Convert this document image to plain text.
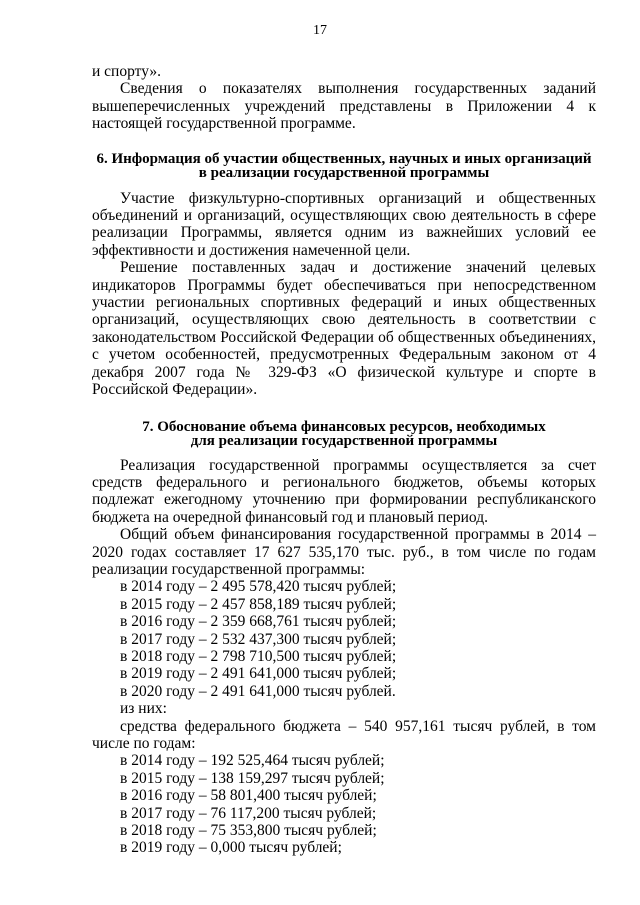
17

и спорту».

Сведения о показателях выполнения государственных заданий вышеперечисленных учреждений представлены в Приложении 4 к настоящей государственной программе.

6. Информация об участии общественных, научных и иных организаций
в реализации государственной программы

Участие физкультурно-спортивных организаций и общественных объединений и организаций, осуществляющих свою деятельность в сфере реализации Программы, является одним из важнейших условий ее эффективности и достижения намеченной цели.

Решение поставленных задач и достижение значений целевых индикаторов Программы будет обеспечиваться при непосредственном участии региональных спортивных федераций и иных общественных организаций, осуществляющих свою деятельность в соответствии с законодательством Российской Федерации об общественных объединениях, с учетом особенностей, предусмотренных Федеральным законом от 4 декабря 2007 года № 329-ФЗ «О физической культуре и спорте в Российской Федерации».

7. Обоснование объема финансовых ресурсов, необходимых
для реализации государственной программы

Реализация государственной программы осуществляется за счет средств федерального и регионального бюджетов, объемы которых подлежат ежегодному уточнению при формировании республиканского бюджета на очередной финансовый год и плановый период.

Общий объем финансирования государственной программы в 2014 – 2020 годах составляет 17 627 535,170 тыс. руб., в том числе по годам реализации государственной программы:

в 2014 году – 2 495 578,420 тысяч рублей;
в 2015 году – 2 457 858,189 тысяч рублей;
в 2016 году – 2 359 668,761 тысяч рублей;
в 2017 году – 2 532 437,300 тысяч рублей;
в 2018 году – 2 798 710,500 тысяч рублей;
в 2019 году – 2 491 641,000 тысяч рублей;
в 2020 году – 2 491 641,000 тысяч рублей.
из них:

средства федерального бюджета – 540 957,161 тысяч рублей, в том числе по годам:

в 2014 году – 192 525,464 тысяч рублей;
в 2015 году – 138 159,297 тысяч рублей;
в 2016 году – 58 801,400 тысяч рублей;
в 2017 году – 76 117,200 тысяч рублей;
в 2018 году – 75 353,800 тысяч рублей;
в 2019 году – 0,000 тысяч рублей;
